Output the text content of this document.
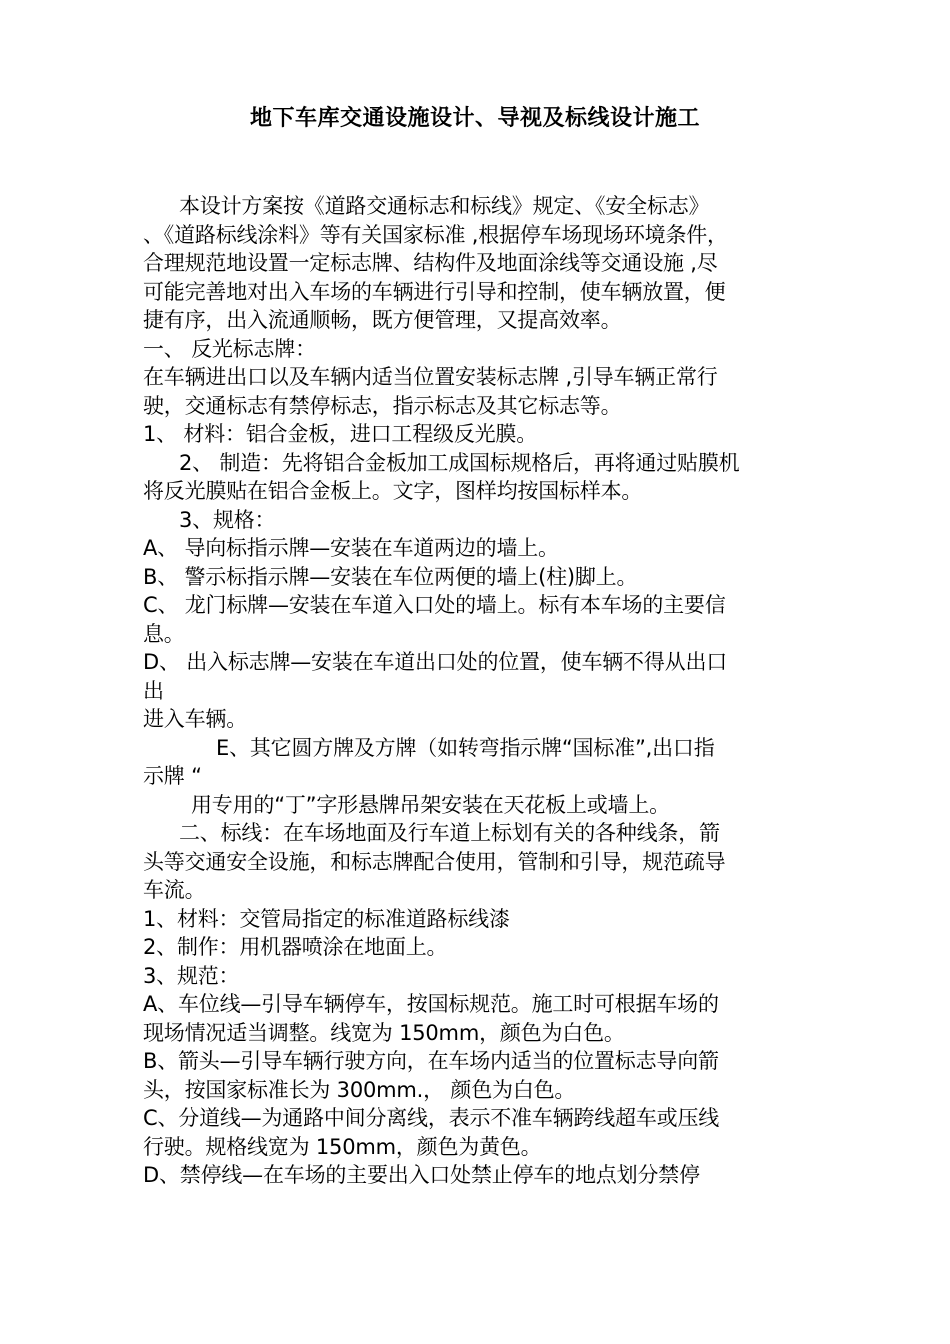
地下车库交通设施设计、导视及标线设计施工
本设计方案按《道路交通标志和标线》规定、《安全标志》
、《道路标线涂料》等有关国家标准 ,根据停车场现场环境条件，
合理规范地设置一定标志牌、结构件及地面涂线等交通设施 ,尽
可能完善地对出入车场的车辆进行引导和控制，使车辆放置，便
捷有序，出入流通顺畅，既方便管理，又提高效率。
一、 反光标志牌：
在车辆进出口以及车辆内适当位置安装标志牌 ,引导车辆正常行
驶，交通标志有禁停标志，指示标志及其它标志等。
1、 材料：铝合金板，进口工程级反光膜。
2、 制造：先将铝合金板加工成国标规格后，再将通过贴膜机
将反光膜贴在铝合金板上。文字，图样均按国标样本。
3、规格：
A、 导向标指示牌—安装在车道两边的墙上。
B、 警示标指示牌—安装在车位两便的墙上(柱)脚上。
C、 龙门标牌—安装在车道入口处的墙上。标有本车场的主要信
息。
D、 出入标志牌—安装在车道出口处的位置，使车辆不得从出口
出
进入车辆。
E、其它圆方牌及方牌（如转弯指示牌“国标准”,出口指
示牌 “
用专用的“丁”字形悬牌吊架安装在天花板上或墙上。
二、标线：在车场地面及行车道上标划有关的各种线条，箭
头等交通安全设施，和标志牌配合使用，管制和引导，规范疏导
车流。
1、材料：交管局指定的标准道路标线漆
2、制作：用机器喷涂在地面上。
3、规范：
A、车位线—引导车辆停车，按国标规范。施工时可根据车场的
现场情况适当调整。线宽为 150mm，颜色为白色。
B、箭头—引导车辆行驶方向，在车场内适当的位置标志导向箭
头，按国家标准长为 300mm.， 颜色为白色。
C、分道线—为通路中间分离线，表示不准车辆跨线超车或压线
行驶。规格线宽为 150mm，颜色为黄色。
D、禁停线—在车场的主要出入口处禁止停车的地点划分禁停
